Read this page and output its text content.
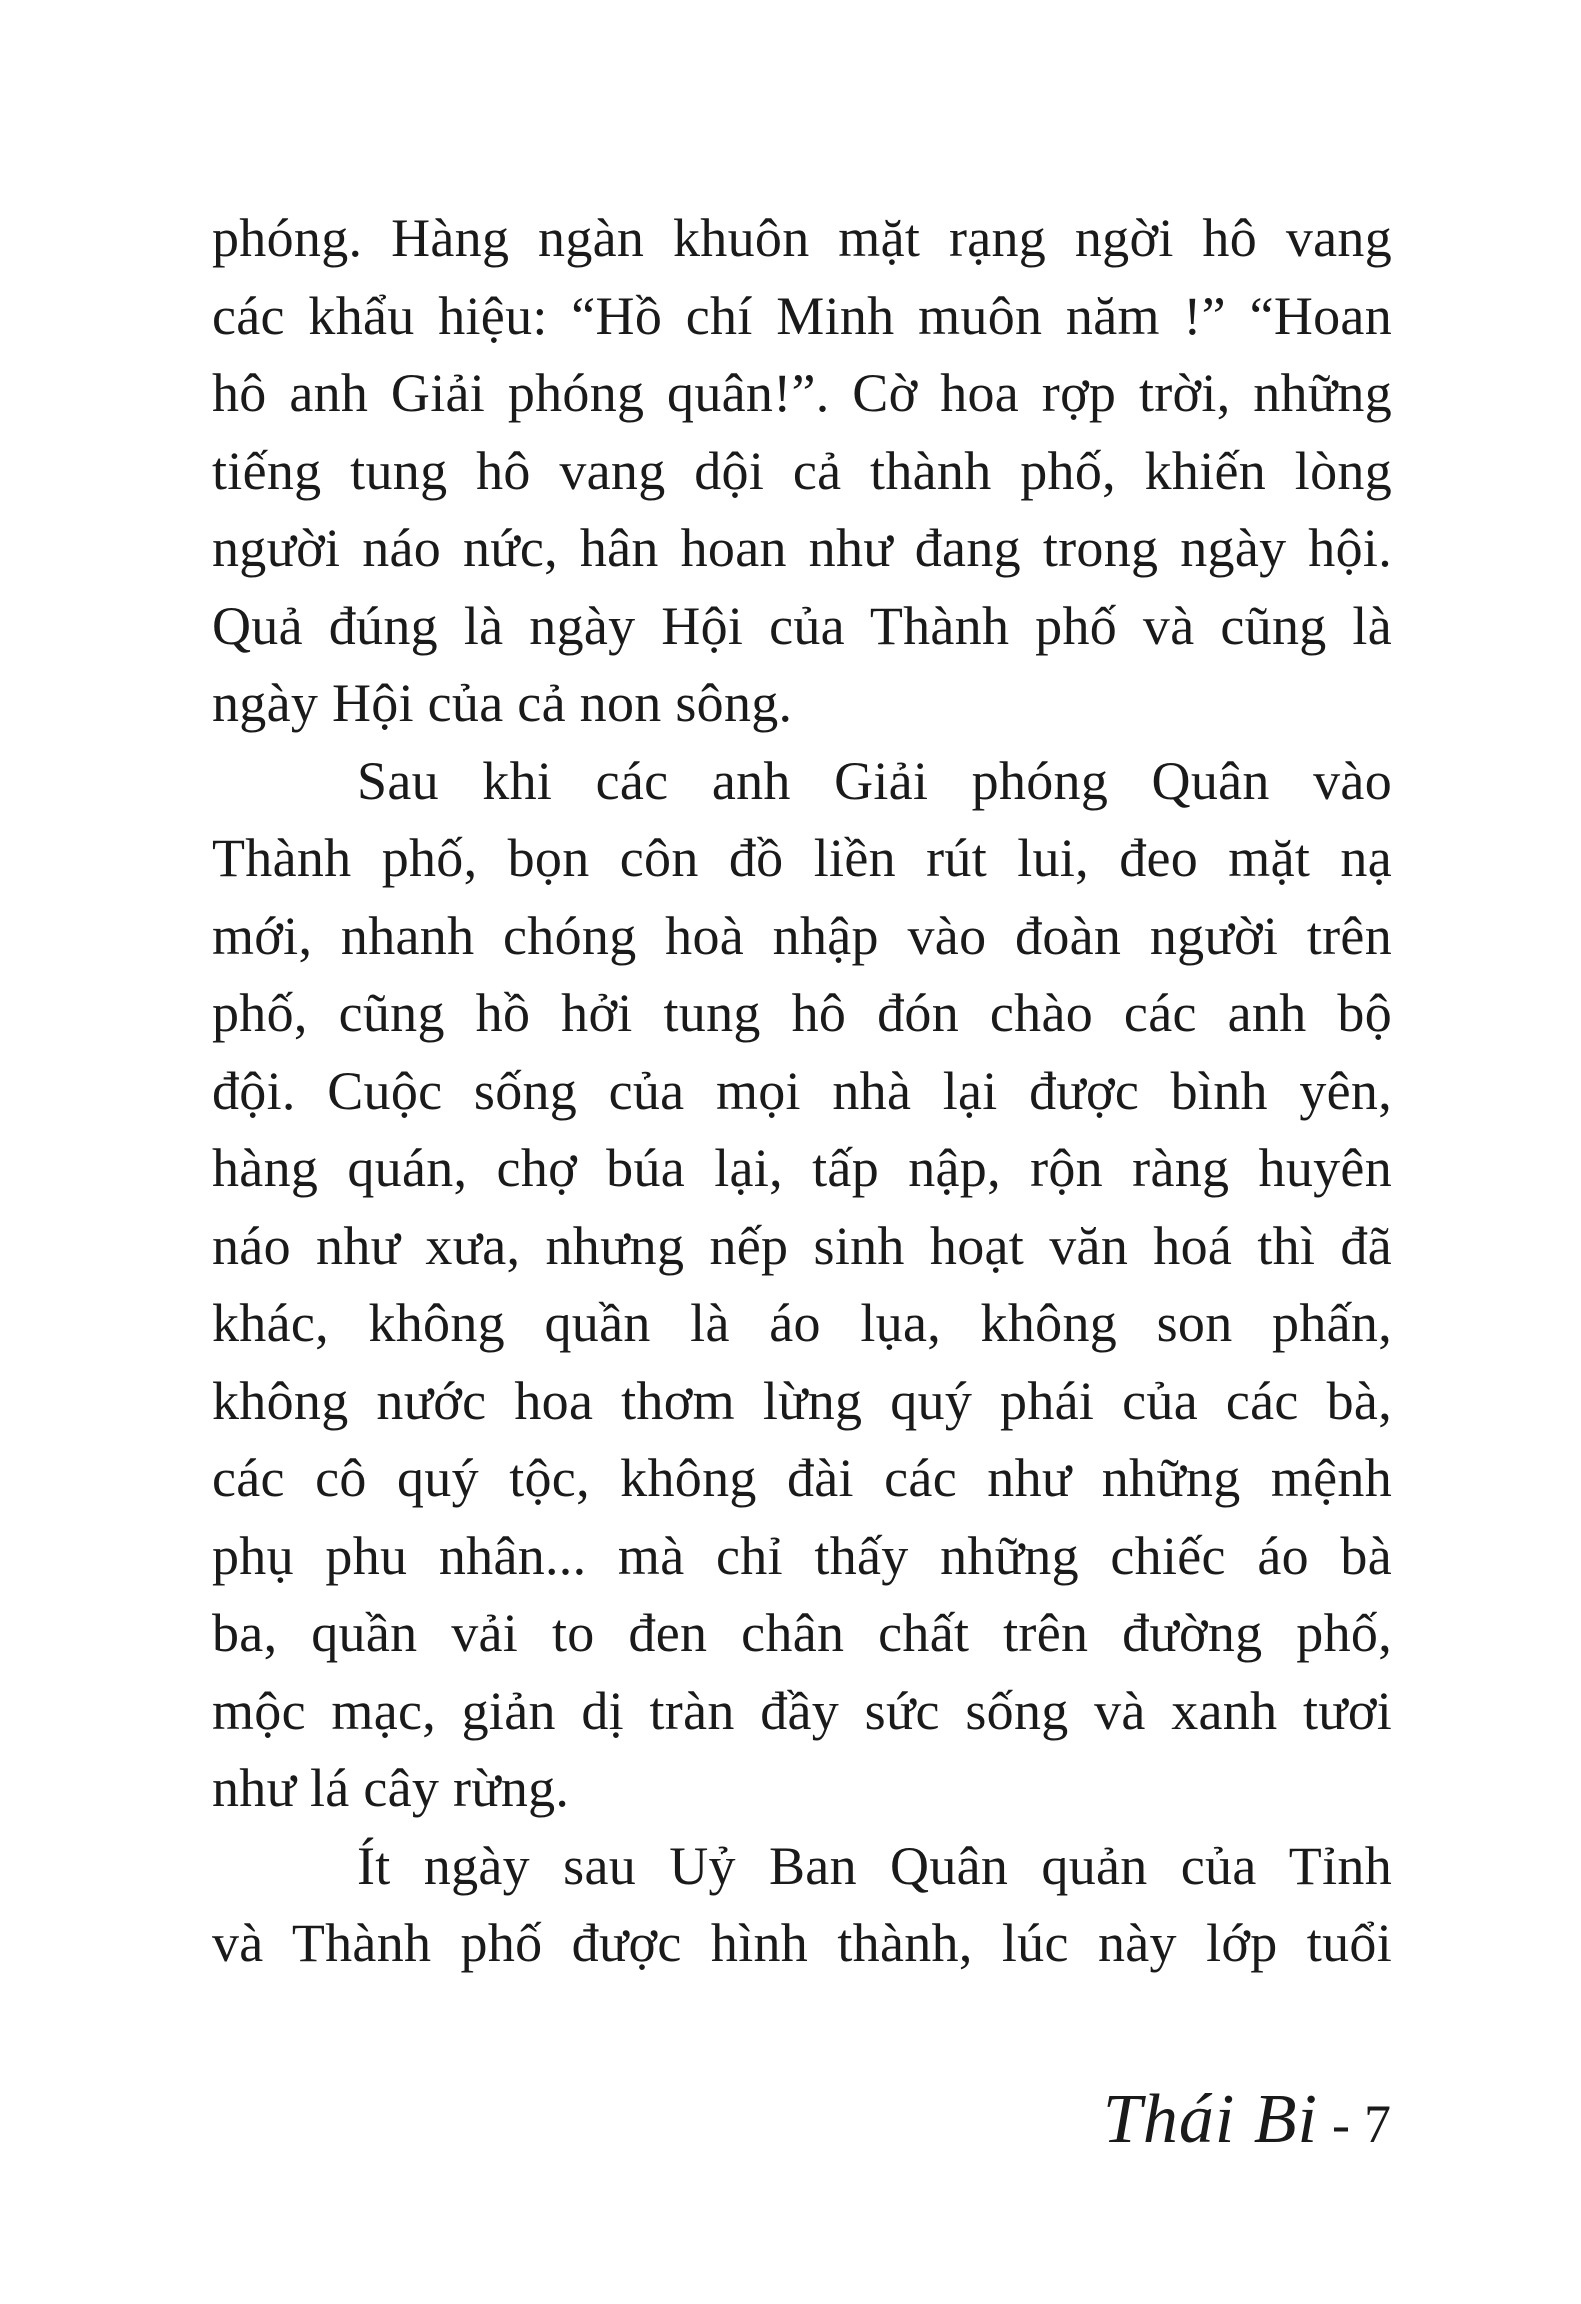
phóng. Hàng ngàn khuôn mặt rạng ngời hô vang
các khẩu hiệu: “Hồ chí Minh muôn năm !” “Hoan
hô anh Giải phóng quân!”. Cờ hoa rợp trời, những
tiếng tung hô vang dội cả thành phố, khiến lòng
người náo nức, hân hoan như đang trong ngày hội.
Quả đúng là ngày Hội của Thành phố và cũng là
ngày Hội của cả non sông.

Sau khi các anh Giải phóng Quân vào
Thành phố, bọn côn đồ liền rút lui, đeo mặt nạ
mới, nhanh chóng hoà nhập vào đoàn người trên
phố, cũng hồ hởi tung hô đón chào các anh bộ
đội. Cuộc sống của mọi nhà lại được bình yên,
hàng quán, chợ búa lại, tấp nập, rộn ràng huyên
náo như xưa, nhưng nếp sinh hoạt văn hoá thì đã
khác, không quần là áo lụa, không son phấn,
không nước hoa thơm lừng quý phái của các bà,
các cô quý tộc, không đài các như những mệnh
phụ phu nhân... mà chỉ thấy những chiếc áo bà
ba, quần vải to đen chân chất trên đường phố,
mộc mạc, giản dị tràn đầy sức sống và xanh tươi
như lá cây rừng.

Ít ngày sau Uỷ Ban Quân quản của Tỉnh
và Thành phố được hình thành, lúc này lớp tuổi

Thái Bi - 7
